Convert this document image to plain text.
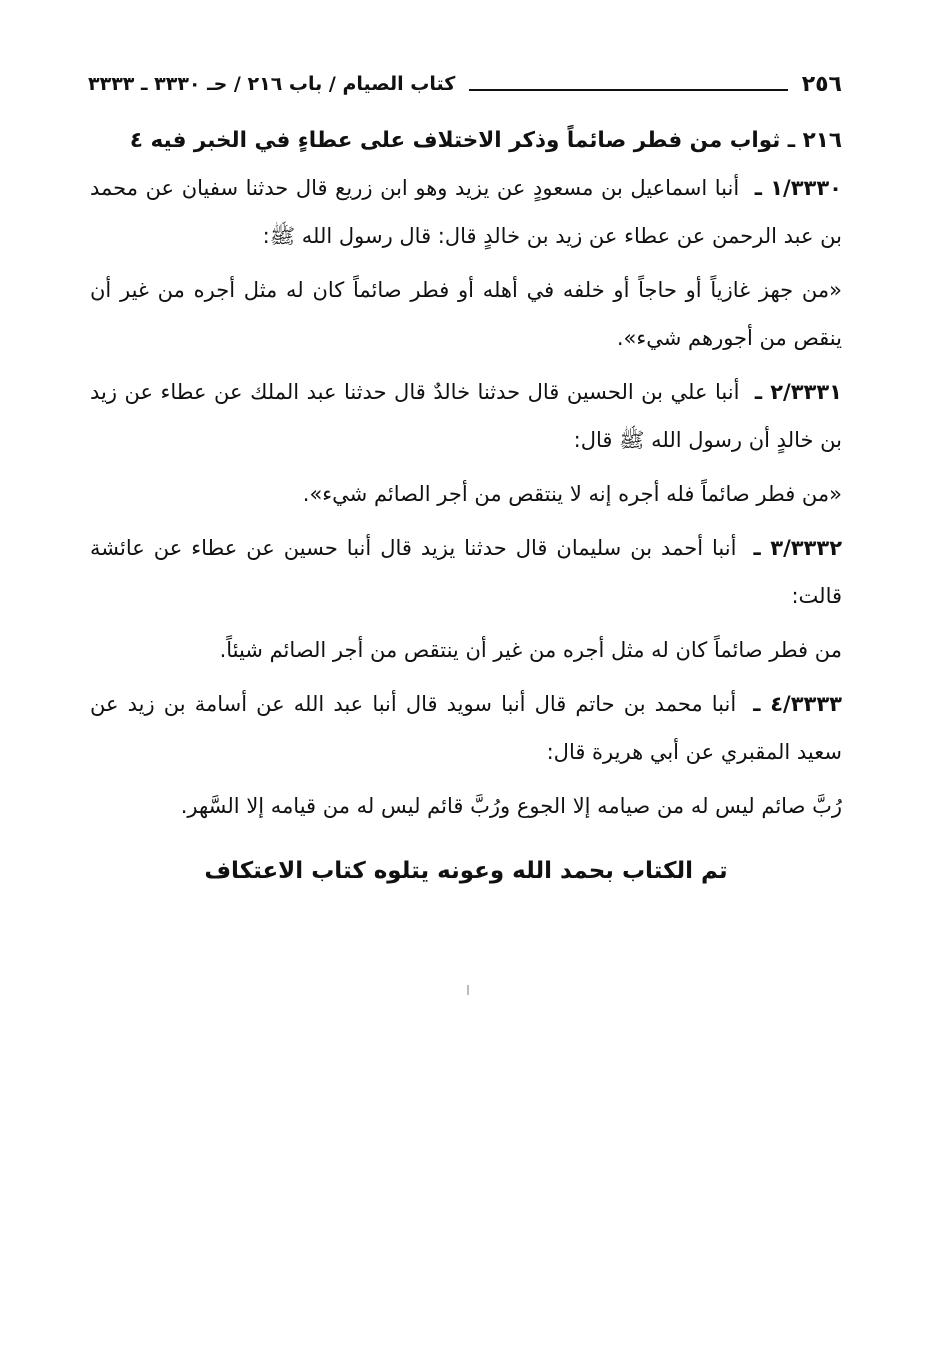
٢٥٦
كتاب الصيام / باب ٢١٦ / حـ ٣٣٣٠ ـ ٣٣٣٣

٢١٦ ـ ثواب من فطر صائماً وذكر الاختلاف على عطاءٍ في الخبر فيه ٤

١/٣٣٣٠ ـ أنبا اسماعيل بن مسعودٍ عن يزيد وهو ابن زريع قال حدثنا سفيان عن محمد بن عبد الرحمن عن عطاء عن زيد بن خالدٍ قال: قال رسول الله ﷺ:

«من جهز غازياً أو حاجاً أو خلفه في أهله أو فطر صائماً كان له مثل أجره من غير أن ينقص من أجورهم شيء».

٢/٣٣٣١ ـ أنبا علي بن الحسين قال حدثنا خالدٌ قال حدثنا عبد الملك عن عطاء عن زيد بن خالدٍ أن رسول الله ﷺ قال:

«من فطر صائماً فله أجره إنه لا ينتقص من أجر الصائم شيء».

٣/٣٣٣٢ ـ أنبا أحمد بن سليمان قال حدثنا يزيد قال أنبا حسين عن عطاء عن عائشة قالت:

من فطر صائماً كان له مثل أجره من غير أن ينتقص من أجر الصائم شيئاً.

٤/٣٣٣٣ ـ أنبا محمد بن حاتم قال أنبا سويد قال أنبا عبد الله عن أسامة بن زيد عن سعيد المقبري عن أبي هريرة قال:

رُبَّ صائم ليس له من صيامه إلا الجوع ورُبَّ قائم ليس له من قيامه إلا السَّهر.

تم الكتاب بحمد الله وعونه يتلوه كتاب الاعتكاف
